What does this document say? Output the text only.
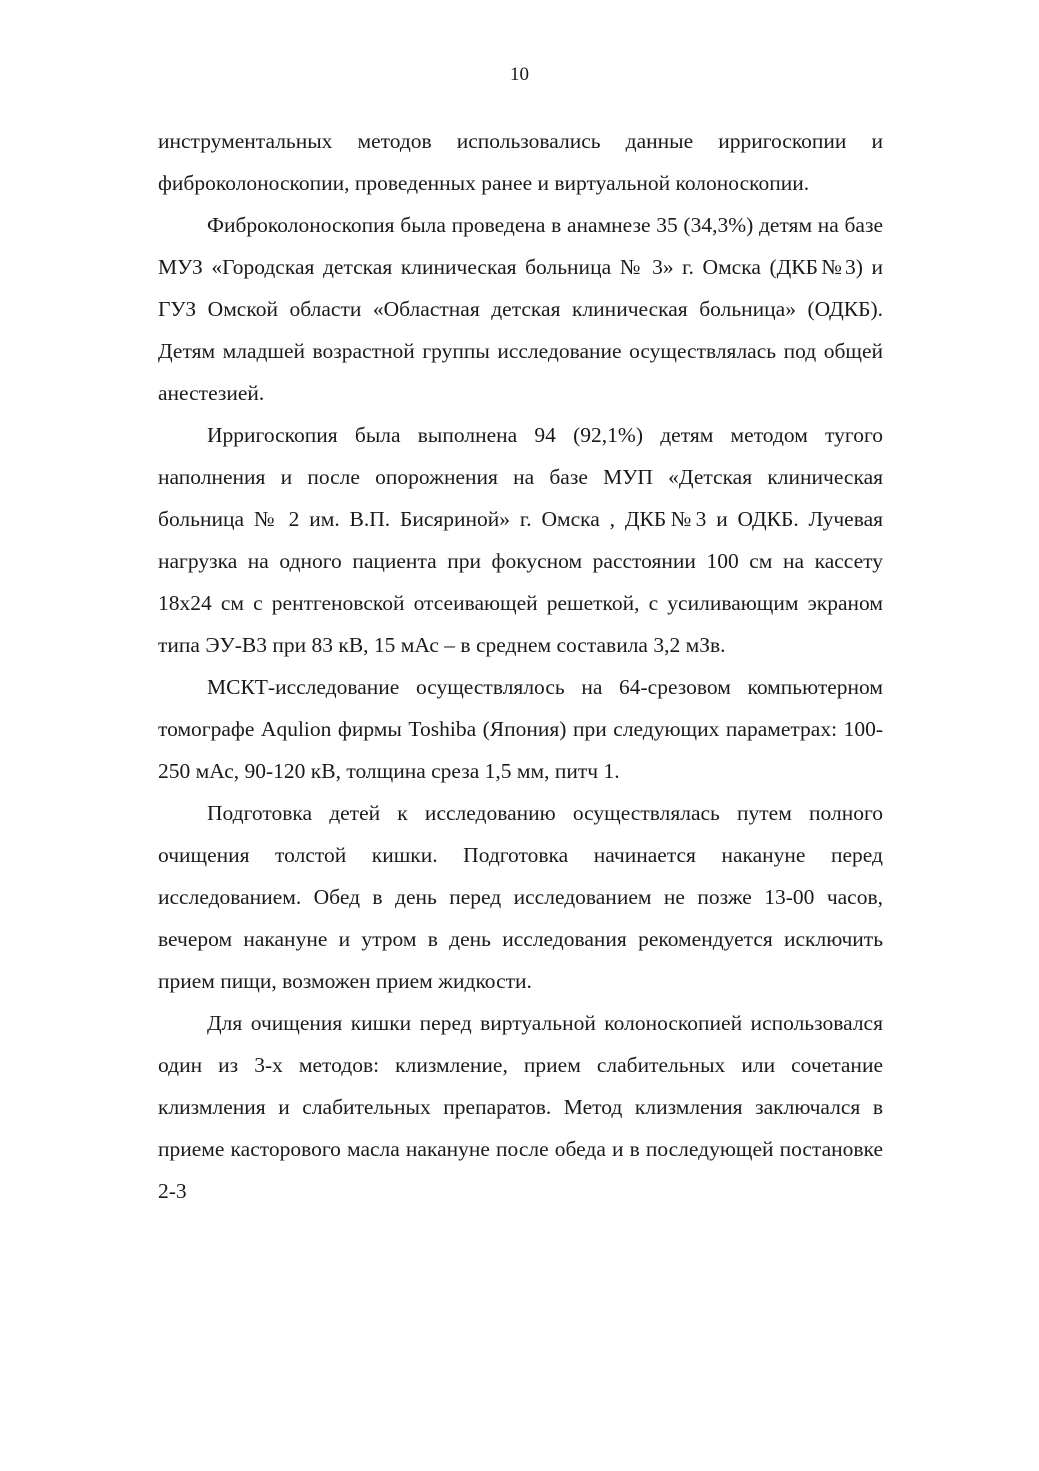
10

инструментальных методов использовались данные ирригоскопии и фиброколоноскопии, проведенных ранее и виртуальной колоноскопии.

Фиброколоноскопия была проведена в анамнезе 35 (34,3%) детям на базе МУЗ «Городская детская клиническая больница № 3» г. Омска (ДКБ№3) и ГУЗ Омской области «Областная детская клиническая больница» (ОДКБ). Детям младшей возрастной группы исследование осуществлялась под общей анестезией.

Ирригоскопия была выполнена 94 (92,1%) детям методом тугого наполнения и после опорожнения на базе МУП «Детская клиническая больница № 2 им. В.П. Бисяриной» г. Омска , ДКБ№3 и ОДКБ. Лучевая нагрузка на одного пациента при фокусном расстоянии 100 см на кассету 18х24 см с рентгеновской отсеивающей решеткой, с усиливающим экраном типа ЭУ-В3 при 83 кВ, 15 мАс – в среднем составила 3,2 мЗв.

МСКТ-исследование осуществлялось на 64-срезовом компьютерном томографе Aqulion фирмы Toshiba (Япония) при следующих параметрах: 100-250 мАс, 90-120 кВ, толщина среза 1,5 мм, питч 1.

Подготовка детей к исследованию осуществлялась путем полного очищения толстой кишки. Подготовка начинается накануне перед исследованием. Обед в день перед исследованием не позже 13-00 часов, вечером накануне и утром в день исследования рекомендуется исключить прием пищи, возможен прием жидкости.

Для очищения кишки перед виртуальной колоноскопией использовался один из 3-х методов: клизмление, прием слабительных или сочетание клизмления и слабительных препаратов. Метод клизмления заключался в приеме касторового масла накануне после обеда и в последующей постановке 2-3
